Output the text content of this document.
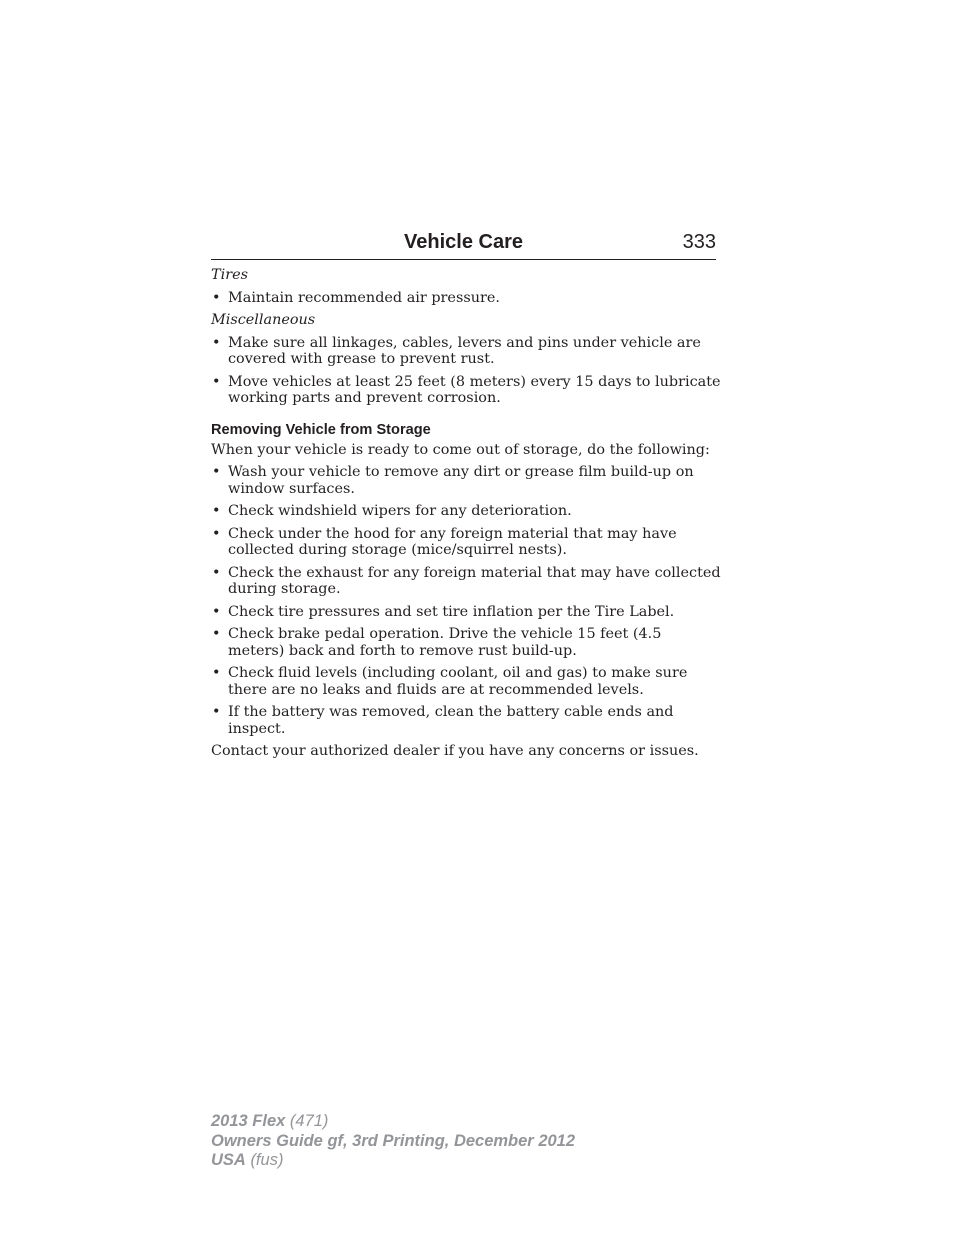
Vehicle Care	333
Tires
• Maintain recommended air pressure.
Miscellaneous
• Make sure all linkages, cables, levers and pins under vehicle are covered with grease to prevent rust.
• Move vehicles at least 25 feet (8 meters) every 15 days to lubricate working parts and prevent corrosion.
Removing Vehicle from Storage

When your vehicle is ready to come out of storage, do the following:

• Wash your vehicle to remove any dirt or grease film build-up on window surfaces.
• Check windshield wipers for any deterioration.
• Check under the hood for any foreign material that may have collected during storage (mice/squirrel nests).
• Check the exhaust for any foreign material that may have collected during storage.
• Check tire pressures and set tire inflation per the Tire Label.
• Check brake pedal operation. Drive the vehicle 15 feet (4.5 meters) back and forth to remove rust build-up.
• Check fluid levels (including coolant, oil and gas) to make sure there are no leaks and fluids are at recommended levels.
• If the battery was removed, clean the battery cable ends and inspect.

Contact your authorized dealer if you have any concerns or issues.

2013 Flex (471)
Owners Guide gf, 3rd Printing, December 2012
USA (fus)
